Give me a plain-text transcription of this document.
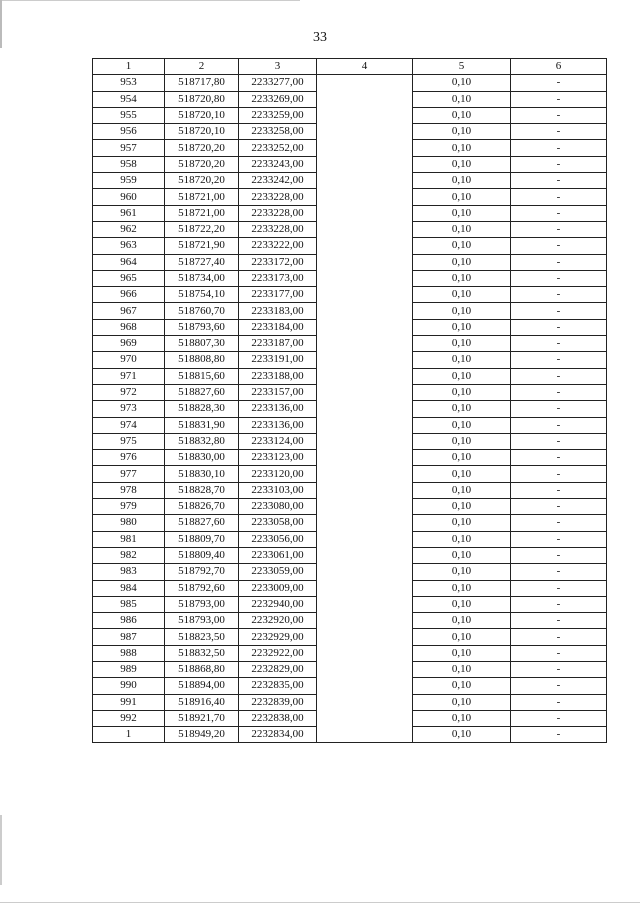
33
1	2	3	4	5	6
953	518717,80	2233277,00		0,10	-
954	518720,80	2233269,00		0,10	-
955	518720,10	2233259,00		0,10	-
956	518720,10	2233258,00		0,10	-
957	518720,20	2233252,00		0,10	-
958	518720,20	2233243,00		0,10	-
959	518720,20	2233242,00		0,10	-
960	518721,00	2233228,00		0,10	-
961	518721,00	2233228,00		0,10	-
962	518722,20	2233228,00		0,10	-
963	518721,90	2233222,00		0,10	-
964	518727,40	2233172,00		0,10	-
965	518734,00	2233173,00		0,10	-
966	518754,10	2233177,00		0,10	-
967	518760,70	2233183,00		0,10	-
968	518793,60	2233184,00		0,10	-
969	518807,30	2233187,00		0,10	-
970	518808,80	2233191,00		0,10	-
971	518815,60	2233188,00		0,10	-
972	518827,60	2233157,00		0,10	-
973	518828,30	2233136,00		0,10	-
974	518831,90	2233136,00		0,10	-
975	518832,80	2233124,00		0,10	-
976	518830,00	2233123,00		0,10	-
977	518830,10	2233120,00		0,10	-
978	518828,70	2233103,00		0,10	-
979	518826,70	2233080,00		0,10	-
980	518827,60	2233058,00		0,10	-
981	518809,70	2233056,00		0,10	-
982	518809,40	2233061,00		0,10	-
983	518792,70	2233059,00		0,10	-
984	518792,60	2233009,00		0,10	-
985	518793,00	2232940,00		0,10	-
986	518793,00	2232920,00		0,10	-
987	518823,50	2232929,00		0,10	-
988	518832,50	2232922,00		0,10	-
989	518868,80	2232829,00		0,10	-
990	518894,00	2232835,00		0,10	-
991	518916,40	2232839,00		0,10	-
992	518921,70	2232838,00		0,10	-
1	518949,20	2232834,00		0,10	-
